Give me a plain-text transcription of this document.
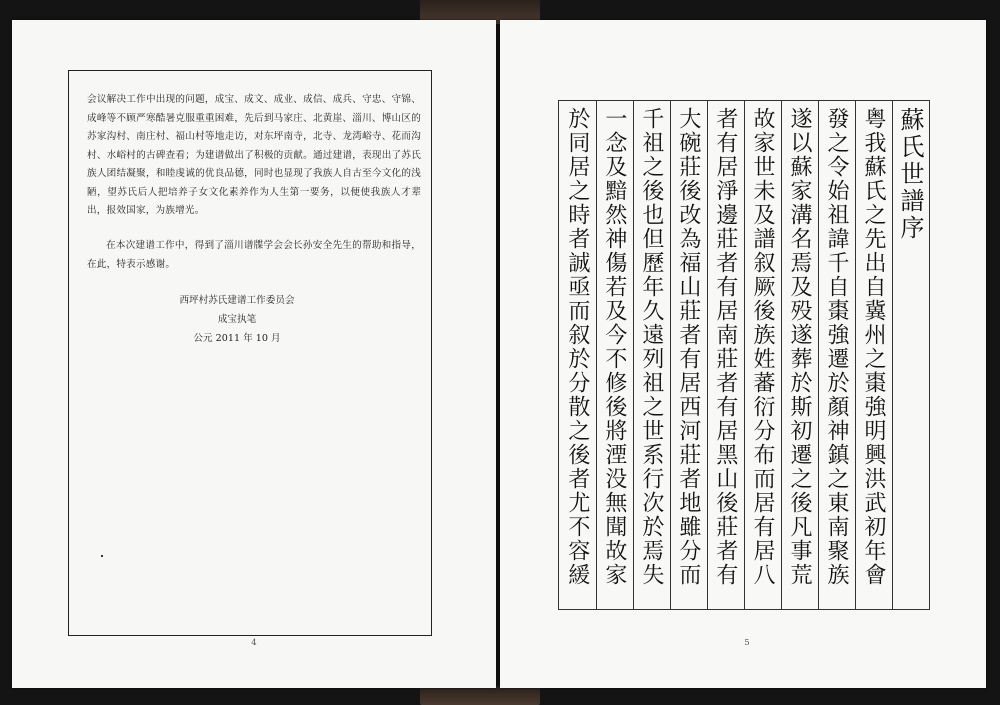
会议解决工作中出现的问题，成宝、成文、成业、成信、成兵、守忠、守锦、成峰等不顾严寒酷暑克服重重困难，先后到马家庄、北黄崖、淄川、博山区的苏家沟村、南庄村、福山村等地走访，对东坪南寺，北寺、龙湾峪寺、花而沟村、水峪村的古碑查看；为建谱做出了积极的贡献。通过建谱，表现出了苏氏族人团结凝聚，和睦虔诚的优良品德，同时也显现了我族人自古至今文化的浅陋，望苏氏后人把培养子女文化素养作为人生第一要务，以便使我族人才辈出，报效国家，为族增光。

在本次建谱工作中，得到了淄川谱牒学会会长孙安全先生的帮助和指导，在此，特表示感谢。

西坪村苏氏建谱工作委员会

成宝执笔

公元 2011 年 10 月

4
蘇氏世譜序
粤我蘇氏之先出自冀州之棗強明興洪武初年會
發之令始祖諱千自棗強遷於顏神鎮之東南聚族
遂以蘇家溝名焉及殁遂葬於斯初遷之後凡事荒
故家世未及譜叙厥後族姓蕃衍分布而居有居八
者有居淨邊莊者有居南莊者有居黑山後莊者有
大碗莊後改為福山莊者有居西河莊者地雖分而
千祖之後也但歷年久遠列祖之世系行次於焉失
一念及黯然神傷若及今不修後將湮没無聞故家
於同居之時者誠亟而叙於分散之後者尤不容緩
5
